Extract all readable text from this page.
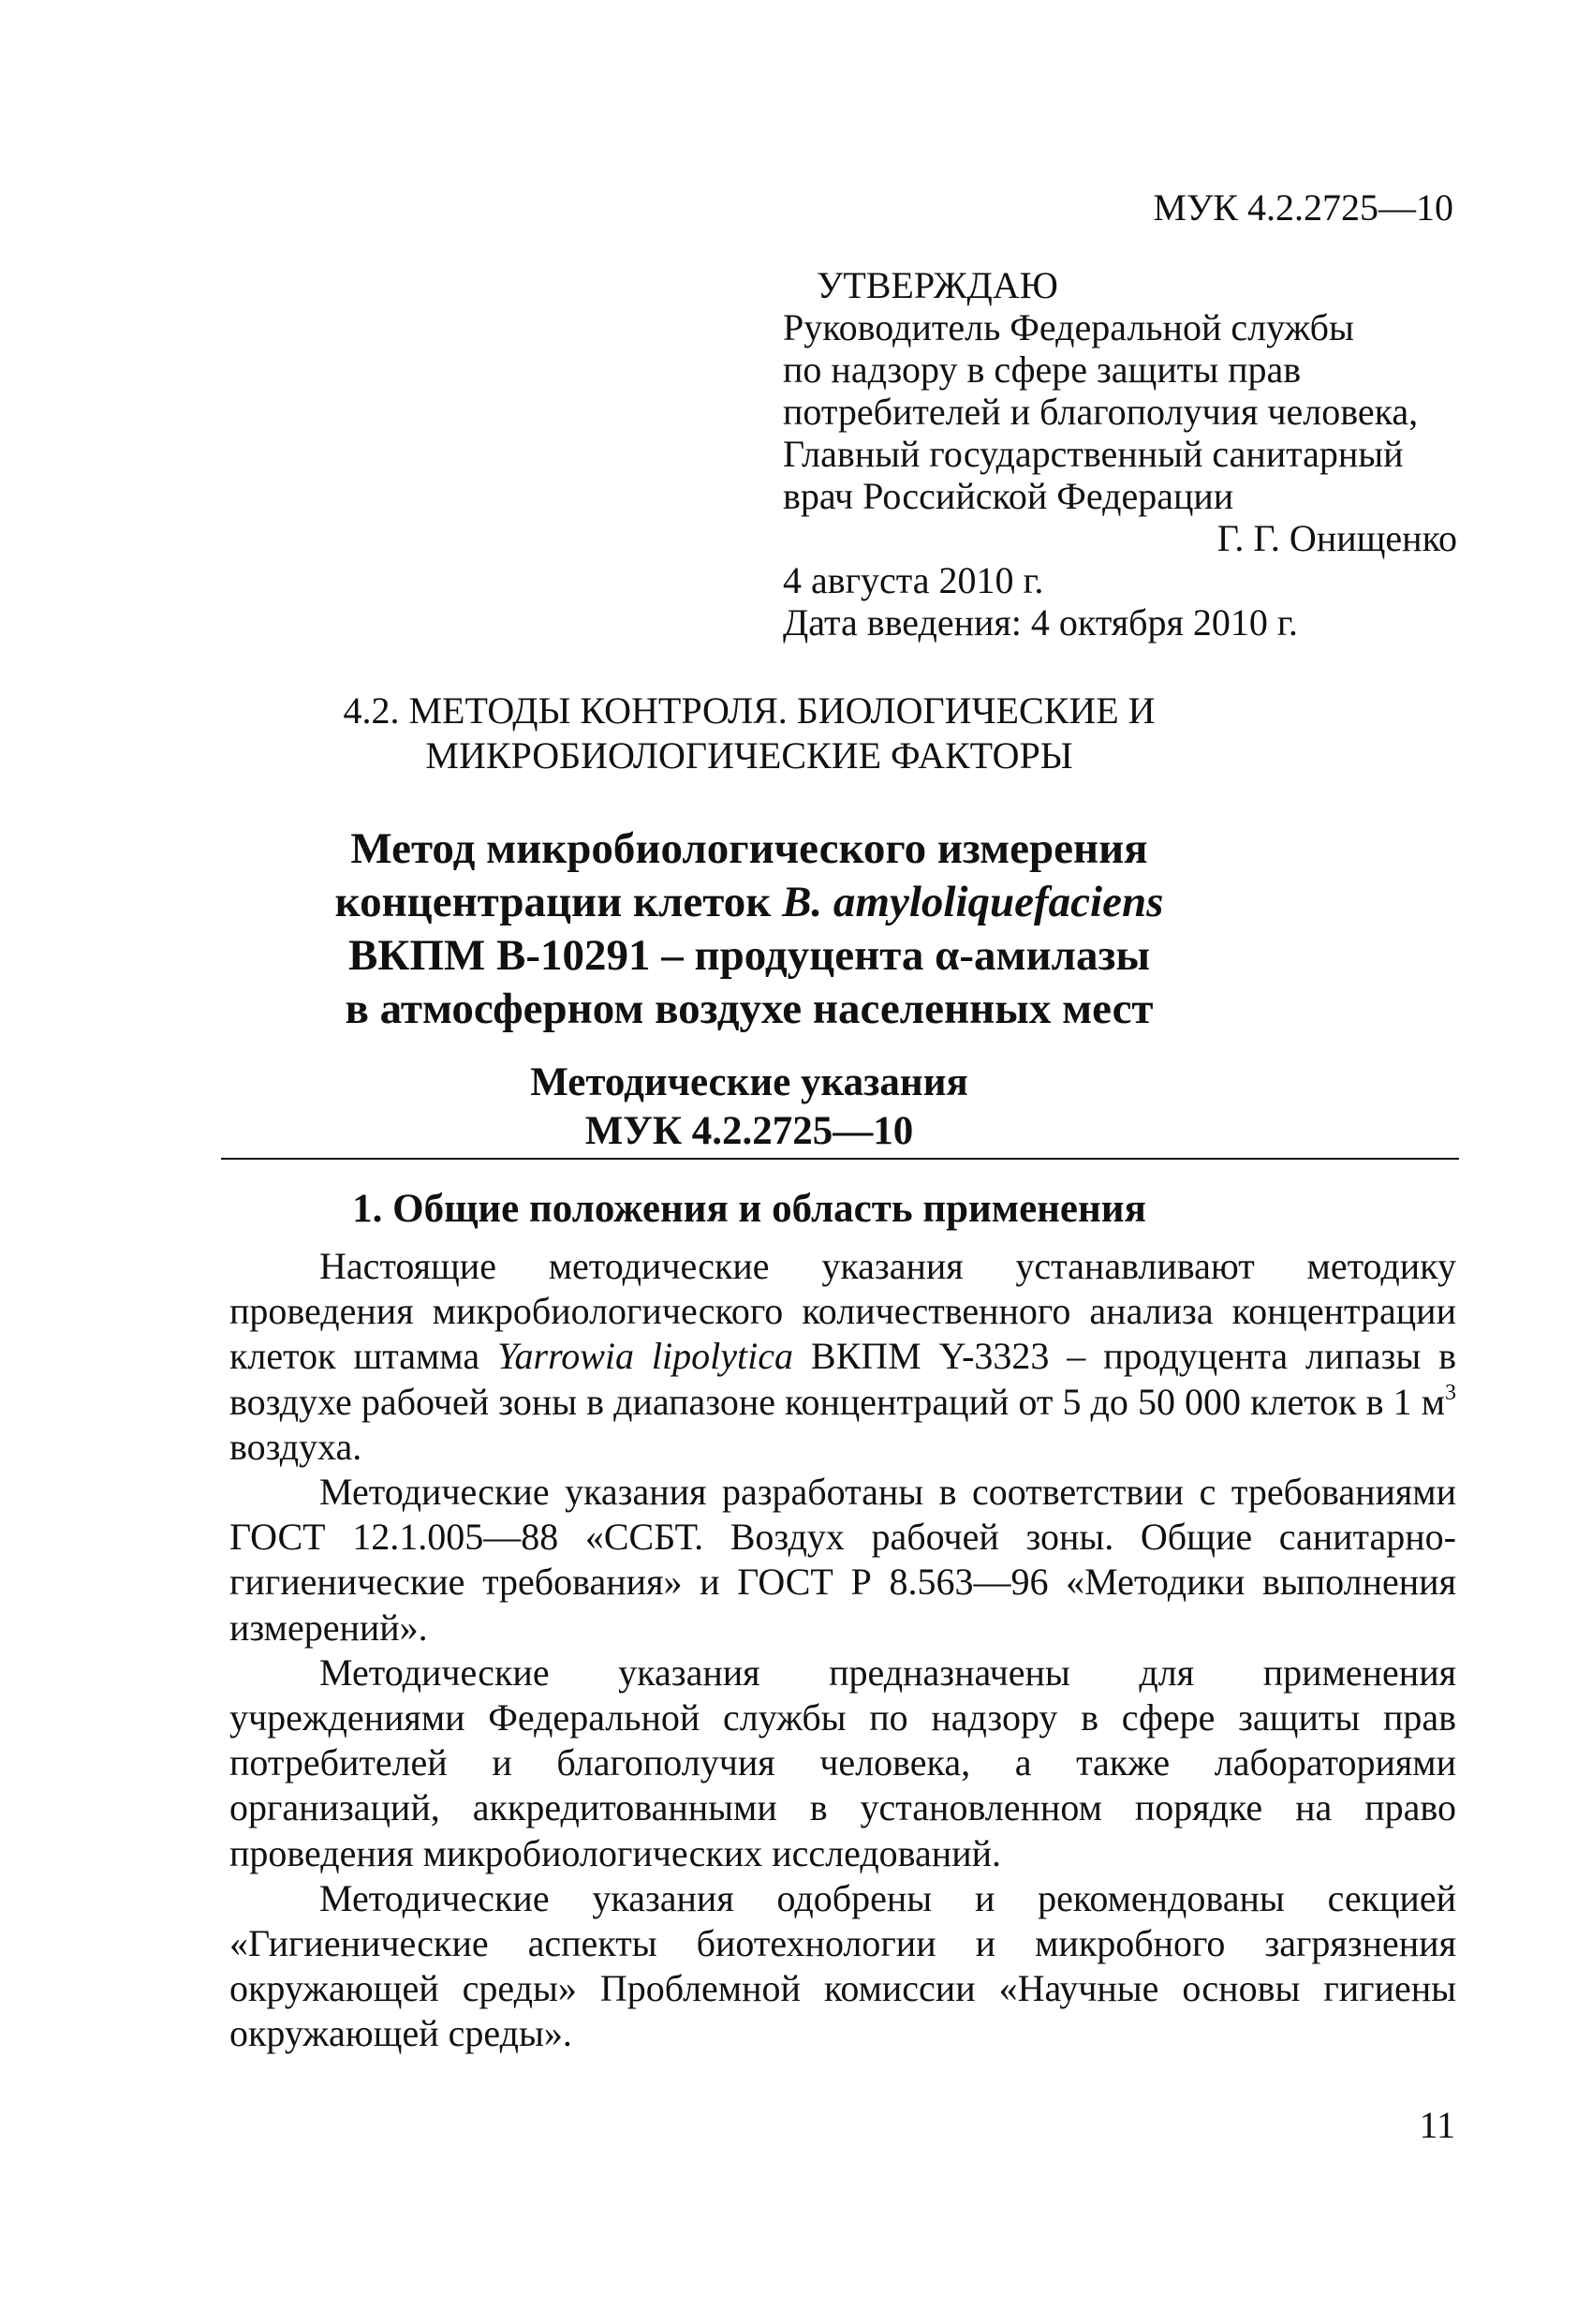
МУК 4.2.2725—10
УТВЕРЖДАЮ
Руководитель Федеральной службы
по надзору в сфере защиты прав
потребителей и благополучия человека,
Главный государственный санитарный
врач Российской Федерации
Г. Г. Онищенко
4 августа 2010 г.
Дата введения: 4 октября 2010 г.
4.2. МЕТОДЫ КОНТРОЛЯ. БИОЛОГИЧЕСКИЕ И
МИКРОБИОЛОГИЧЕСКИЕ ФАКТОРЫ
Метод микробиологического измерения
концентрации клеток B. amyloliquefaciens
ВКПМ В-10291 – продуцента α-амилазы
в атмосферном воздухе населенных мест
Методические указания
МУК 4.2.2725—10
1. Общие положения и область применения

Настоящие методические указания устанавливают методику проведения микробиологического количественного анализа концентрации клеток штамма Yarrowia lipolytica ВКПМ Y-3323 – продуцента липазы в воздухе рабочей зоны в диапазоне концентраций от 5 до 50 000 клеток в 1 $м^3$ воздуха.

Методические указания разработаны в соответствии с требованиями ГОСТ 12.1.005—88 «ССБТ. Воздух рабочей зоны. Общие санитарно-гигиенические требования» и ГОСТ Р 8.563—96 «Методики выполнения измерений».

Методические указания предназначены для применения учреждениями Федеральной службы по надзору в сфере защиты прав потребителей и благополучия человека, а также лабораториями организаций, аккредитованными в установленном порядке на право проведения микробиологических исследований.

Методические указания одобрены и рекомендованы секцией «Гигиенические аспекты биотехнологии и микробного загрязнения окружающей среды» Проблемной комиссии «Научные основы гигиены окружающей среды».

11
